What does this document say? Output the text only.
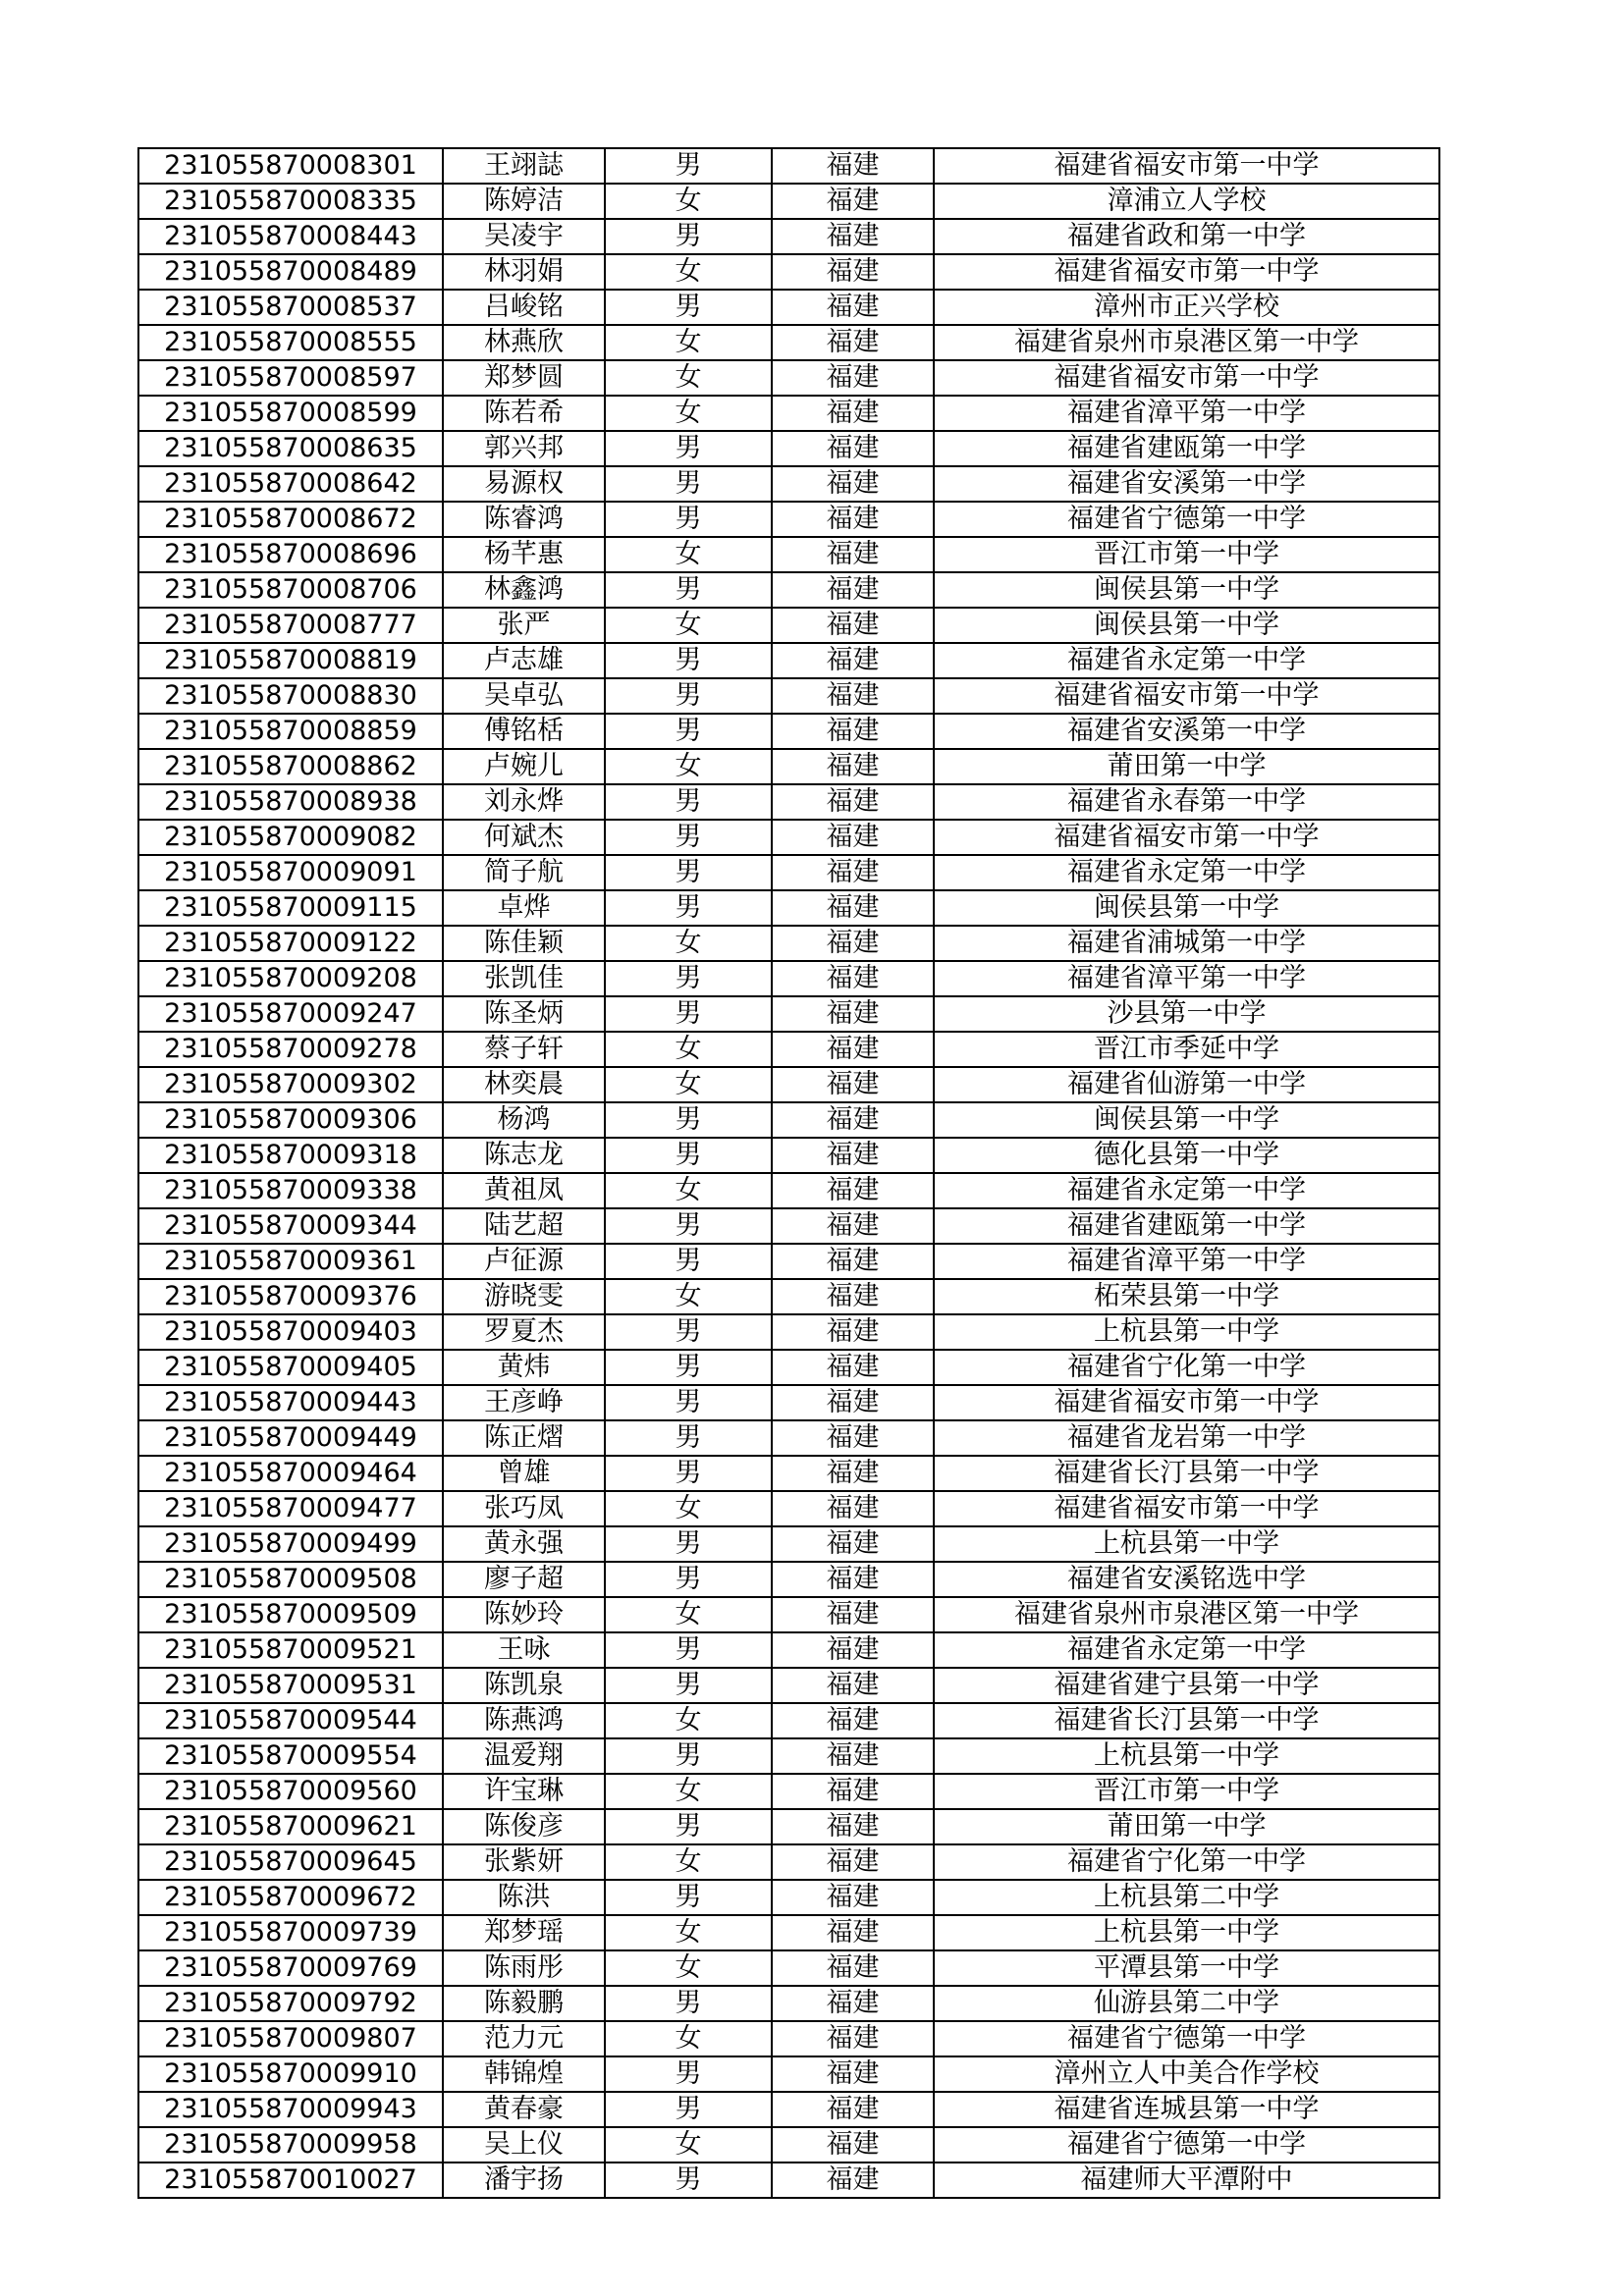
231055870008301	王翊誌	男	福建	福建省福安市第一中学
231055870008335	陈婷洁	女	福建	漳浦立人学校
231055870008443	吴凌宇	男	福建	福建省政和第一中学
231055870008489	林羽娟	女	福建	福建省福安市第一中学
231055870008537	吕峻铭	男	福建	漳州市正兴学校
231055870008555	林燕欣	女	福建	福建省泉州市泉港区第一中学
231055870008597	郑梦圆	女	福建	福建省福安市第一中学
231055870008599	陈若希	女	福建	福建省漳平第一中学
231055870008635	郭兴邦	男	福建	福建省建瓯第一中学
231055870008642	易源权	男	福建	福建省安溪第一中学
231055870008672	陈睿鸿	男	福建	福建省宁德第一中学
231055870008696	杨芊惠	女	福建	晋江市第一中学
231055870008706	林鑫鸿	男	福建	闽侯县第一中学
231055870008777	张严	女	福建	闽侯县第一中学
231055870008819	卢志雄	男	福建	福建省永定第一中学
231055870008830	吴卓弘	男	福建	福建省福安市第一中学
231055870008859	傅铭栝	男	福建	福建省安溪第一中学
231055870008862	卢婉儿	女	福建	莆田第一中学
231055870008938	刘永烨	男	福建	福建省永春第一中学
231055870009082	何斌杰	男	福建	福建省福安市第一中学
231055870009091	简子航	男	福建	福建省永定第一中学
231055870009115	卓烨	男	福建	闽侯县第一中学
231055870009122	陈佳颖	女	福建	福建省浦城第一中学
231055870009208	张凯佳	男	福建	福建省漳平第一中学
231055870009247	陈圣炳	男	福建	沙县第一中学
231055870009278	蔡子轩	女	福建	晋江市季延中学
231055870009302	林奕晨	女	福建	福建省仙游第一中学
231055870009306	杨鸿	男	福建	闽侯县第一中学
231055870009318	陈志龙	男	福建	德化县第一中学
231055870009338	黄祖凤	女	福建	福建省永定第一中学
231055870009344	陆艺超	男	福建	福建省建瓯第一中学
231055870009361	卢征源	男	福建	福建省漳平第一中学
231055870009376	游晓雯	女	福建	柘荣县第一中学
231055870009403	罗夏杰	男	福建	上杭县第一中学
231055870009405	黄炜	男	福建	福建省宁化第一中学
231055870009443	王彦峥	男	福建	福建省福安市第一中学
231055870009449	陈正熠	男	福建	福建省龙岩第一中学
231055870009464	曾雄	男	福建	福建省长汀县第一中学
231055870009477	张巧凤	女	福建	福建省福安市第一中学
231055870009499	黄永强	男	福建	上杭县第一中学
231055870009508	廖子超	男	福建	福建省安溪铭选中学
231055870009509	陈妙玲	女	福建	福建省泉州市泉港区第一中学
231055870009521	王咏	男	福建	福建省永定第一中学
231055870009531	陈凯泉	男	福建	福建省建宁县第一中学
231055870009544	陈燕鸿	女	福建	福建省长汀县第一中学
231055870009554	温爱翔	男	福建	上杭县第一中学
231055870009560	许宝琳	女	福建	晋江市第一中学
231055870009621	陈俊彦	男	福建	莆田第一中学
231055870009645	张紫妍	女	福建	福建省宁化第一中学
231055870009672	陈洪	男	福建	上杭县第二中学
231055870009739	郑梦瑶	女	福建	上杭县第一中学
231055870009769	陈雨彤	女	福建	平潭县第一中学
231055870009792	陈毅鹏	男	福建	仙游县第二中学
231055870009807	范力元	女	福建	福建省宁德第一中学
231055870009910	韩锦煌	男	福建	漳州立人中美合作学校
231055870009943	黄春豪	男	福建	福建省连城县第一中学
231055870009958	吴上仪	女	福建	福建省宁德第一中学
231055870010027	潘宇扬	男	福建	福建师大平潭附中
